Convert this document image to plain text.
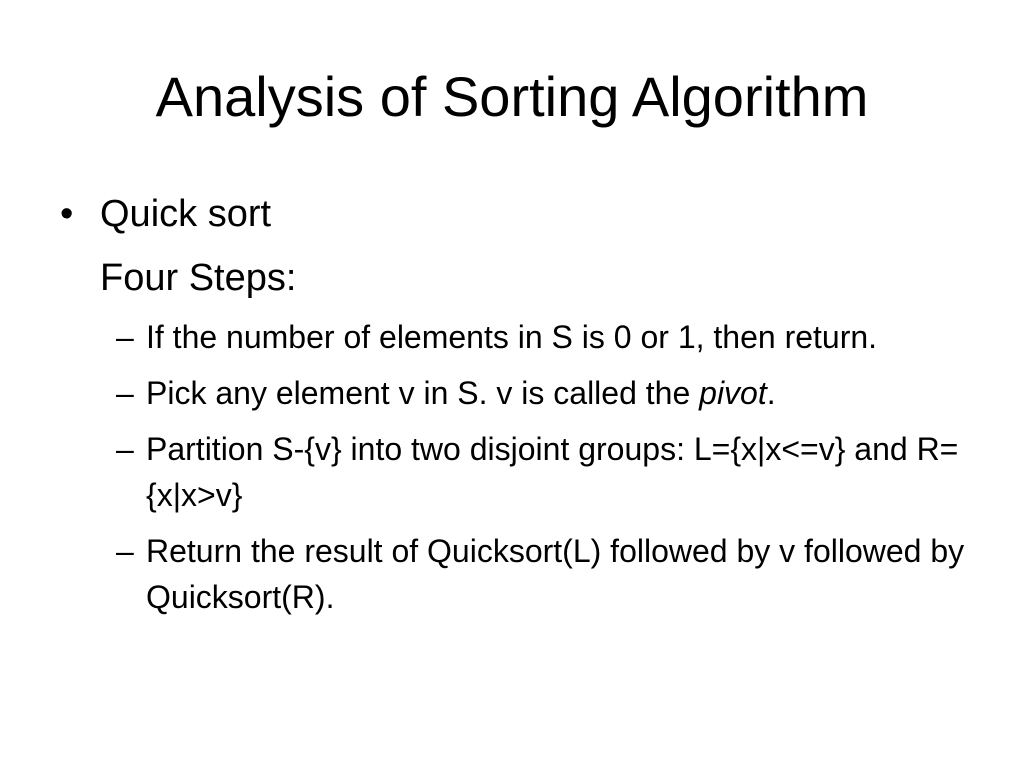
Analysis of Sorting Algorithm
• Quick sort
Four Steps:
– If the number of elements in S is 0 or 1, then return.
– Pick any element v in S. v is called the pivot.
– Partition S-{v} into two disjoint groups: L={x|x<=v} and R={x|x>v}
– Return the result of Quicksort(L) followed by v followed by Quicksort(R).
